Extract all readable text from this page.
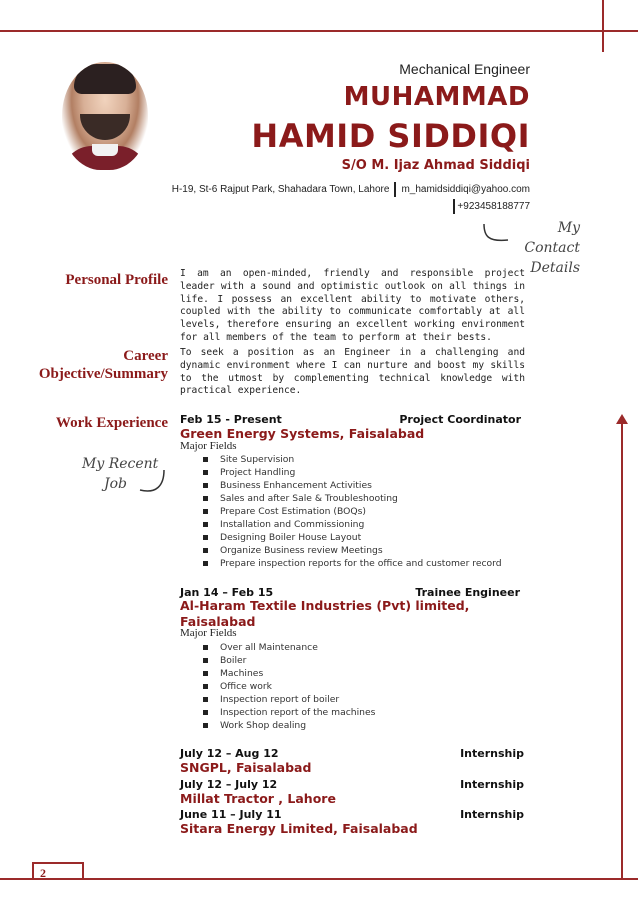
Mechanical Engineer
MUHAMMAD
HAMID SIDDIQI
S/O M. Ijaz Ahmad Siddiqi
H-19, St-6 Rajput Park, Shahadara Town, Lahore m_hamidsiddiqi@yahoo.com
+923458188777
My Contact
Details
Personal Profile I am an open-minded, friendly and responsible project leader with a sound and optimistic outlook on all things in life. I possess an excellent ability to motivate others, coupled with the ability to communicate comfortably at all levels, therefore ensuring an excellent working environment for all members of the team to perform at their bests.
Career
Objective/Summary
To seek a position as an Engineer in a challenging and dynamic environment where I can nurture and boost my skills to the utmost by complementing technical knowledge with practical experience.
Work Experience
My Recent
Job
Feb 15 - Present	Project Coordinator
Green Energy Systems, Faisalabad
Major Fields
Site Supervision
Project Handling
Business Enhancement Activities
Sales and after Sale & Troubleshooting
Prepare Cost Estimation (BOQs)
Installation and Commissioning
Designing Boiler House Layout
Organize Business review Meetings
Prepare inspection reports for the office and customer record
Jan 14 – Feb 15	Trainee Engineer
Al-Haram Textile Industries (Pvt) limited,
Faisalabad
Major Fields
Over all Maintenance
Boiler
Machines
Office work
Inspection report of boiler
Inspection report of the machines
Work Shop dealing
July 12 – Aug 12	Internship
SNGPL, Faisalabad
July 12 – July 12	Internship
Millat Tractor , Lahore
June 11 – July 11	Internship
Sitara Energy Limited, Faisalabad
2
